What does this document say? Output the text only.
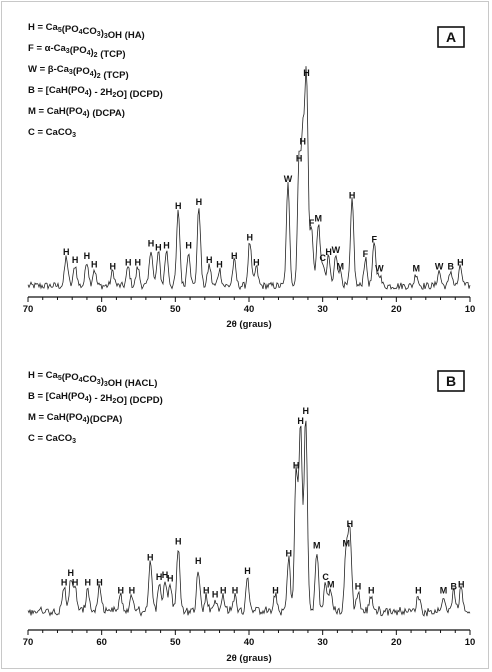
A
$H = Ca_5(PO_4CO_3)_3OH$ (HA)
$F = \alpha-Ca_3(PO_4)_2$ (TCP)
$W = \beta-Ca_3(PO_4)_2$ (TCP)
$B = [CaH(PO_4) - 2H_2O]$ (DCPD)
$M = CaH(PO_4)$ (DCPA)
C = CaCO$_3$
H
H H
H H H H
H H H
H
H
H
H H
H
H
H
W
H
H
H
F M
C
H W
M
H
F
F
W	M W B H
70	60	50	40	30	20	10
2θ (graus)
B
$H = Ca_5(PO_4CO_3)_3OH$ (HACL)
$B = [CaH(PO_4) - 2H_2O]$ (DCPD)
$M = CaH(PO_4)(DCPA)$
C = CaCO$_3$
H
H
H H H
H H
H
H H
H
H
H
H H H H
H
H
H
H
H
H
M
C
M
M
H
H H	H M B H
70	60	50	40	30	20	10
2θ (graus)
